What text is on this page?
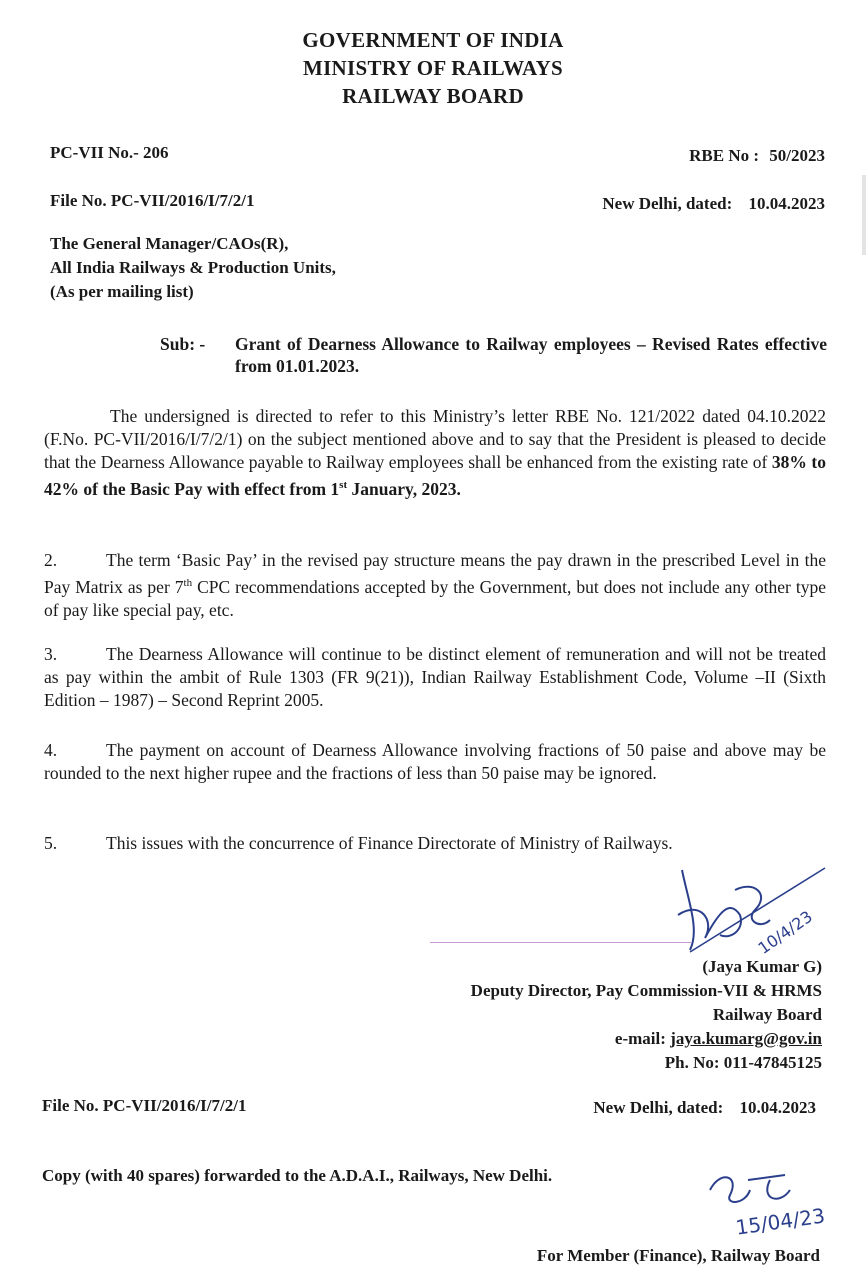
GOVERNMENT OF INDIA
MINISTRY OF RAILWAYS
RAILWAY BOARD
PC-VII No.- 206	RBE No : 50/2023
File No. PC-VII/2016/I/7/2/1	New Delhi, dated: 10.04.2023
The General Manager/CAOs(R),
All India Railways & Production Units,
(As per mailing list)
Sub: - Grant of Dearness Allowance to Railway employees – Revised Rates effective from 01.01.2023.
The undersigned is directed to refer to this Ministry’s letter RBE No. 121/2022 dated 04.10.2022 (F.No. PC-VII/2016/I/7/2/1) on the subject mentioned above and to say that the President is pleased to decide that the Dearness Allowance payable to Railway employees shall be enhanced from the existing rate of 38% to 42% of the Basic Pay with effect from 1st January, 2023.
2.	The term ‘Basic Pay’ in the revised pay structure means the pay drawn in the prescribed Level in the Pay Matrix as per 7th CPC recommendations accepted by the Government, but does not include any other type of pay like special pay, etc.
3.	The Dearness Allowance will continue to be distinct element of remuneration and will not be treated as pay within the ambit of Rule 1303 (FR 9(21)), Indian Railway Establishment Code, Volume –II (Sixth Edition – 1987) – Second Reprint 2005.
4.	The payment on account of Dearness Allowance involving fractions of 50 paise and above may be rounded to the next higher rupee and the fractions of less than 50 paise may be ignored.
5.	This issues with the concurrence of Finance Directorate of Ministry of Railways.
10/4/23
(Jaya Kumar G)
Deputy Director, Pay Commission-VII & HRMS
Railway Board
e-mail: jaya.kumarg@gov.in
Ph. No: 011-47845125
File No. PC-VII/2016/I/7/2/1	New Delhi, dated: 10.04.2023
Copy (with 40 spares) forwarded to the A.D.A.I., Railways, New Delhi.
15/04/23
For Member (Finance), Railway Board
